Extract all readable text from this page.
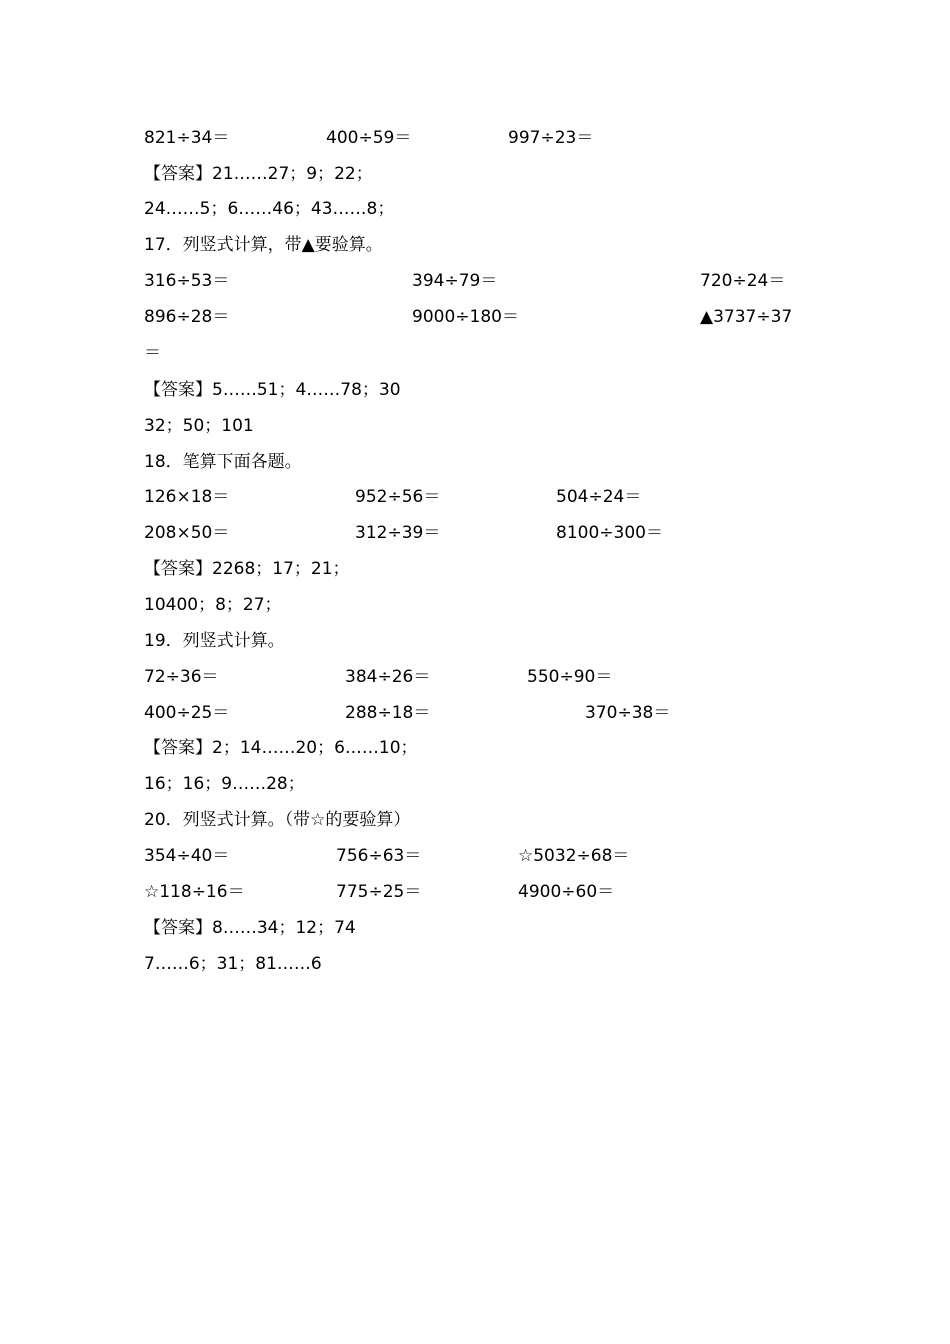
821÷34＝	400÷59＝	997÷23＝
【答案】21……27；9；22；
24……5；6……46；43……8；
17．列竖式计算，带▲要验算。
316÷53＝	394÷79＝	720÷24＝
896÷28＝	9000÷180＝	▲3737÷37
＝
【答案】5……51；4……78；30
32；50；101
18．笔算下面各题。
126×18＝	952÷56＝	504÷24＝
208×50＝	312÷39＝	8100÷300＝
【答案】2268；17；21；
10400；8；27；
19．列竖式计算。
72÷36＝	384÷26＝	550÷90＝
400÷25＝	288÷18＝	370÷38＝
【答案】2；14……20；6……10；
16；16；9……28；
20．列竖式计算。（带☆的要验算）
354÷40＝	756÷63＝	☆5032÷68＝
☆118÷16＝	775÷25＝	4900÷60＝
【答案】8……34；12；74
7……6；31；81……6
